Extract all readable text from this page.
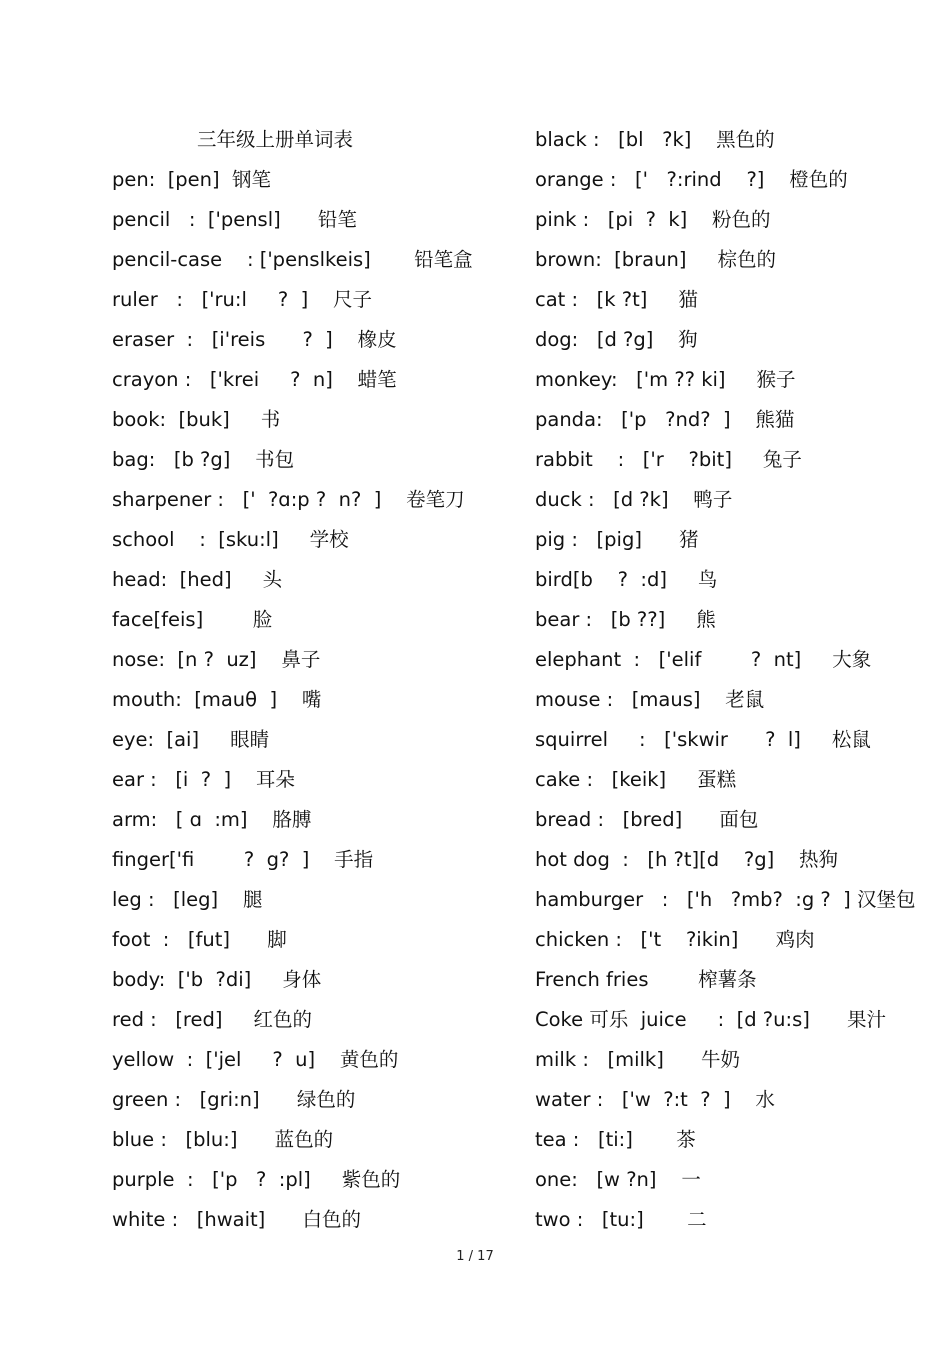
三年级上册单词表
pen:  [pen]  钢笔
pencil   :  ['pensl]      铅笔
pencil-case    : ['penslkeis]       铅笔盒
ruler   :   ['ru:l     ?  ]    尺子
eraser  :   [i'reis      ?  ]    橡皮
crayon :   ['krei     ?  n]    蜡笔
book:  [buk]     书
bag:   [b ?g]    书包
sharpener :   ['  ?ɑ:p ?  n?  ]    卷笔刀
school    :  [sku:l]     学校
head:  [hed]     头
face[feis]        脸
nose:  [n ?  uz]    鼻子
mouth:  [mauθ  ]    嘴
eye:  [ai]     眼睛
ear :   [i  ?  ]    耳朵
arm:   [ ɑ  :m]    胳膊
finger['fi        ?  g?  ]    手指
leg :   [leg]    腿
foot  :   [fut]      脚
body:  ['b  ?di]     身体
red :   [red]     红色的
yellow  :  ['jel     ?  u]    黄色的
green :   [gri:n]      绿色的
blue :   [blu:]      蓝色的
purple  :   ['p   ?  :pl]     紫色的
white :   [hwait]      白色的
black :   [bl   ?k]    黑色的
orange :   ['   ?:rind    ?]    橙色的
pink :   [pi  ?  k]    粉色的
brown:  [braun]     棕色的
cat :   [k ?t]     猫
dog:   [d ?g]    狗
monkey:   ['m ?? ki]     猴子
panda:   ['p   ?nd?  ]    熊猫
rabbit    :   ['r    ?bit]     兔子
duck :   [d ?k]    鸭子
pig :   [pig]      猪
bird[b    ?  :d]     鸟
bear :   [b ??]     熊
elephant  :   ['elif        ?  nt]     大象
mouse :   [maus]    老鼠
squirrel     :   ['skwir      ?  l]     松鼠
cake :   [keik]     蛋糕
bread :   [bred]      面包
hot dog  :   [h ?t][d    ?g]    热狗
hamburger   :   ['h   ?mb?  :g ?  ] 汉堡包
chicken :   ['t    ?ikin]      鸡肉
French fries        榨薯条
Coke 可乐  juice     :  [d ?u:s]      果汁
milk :   [milk]      牛奶
water :   ['w  ?:t  ?  ]    水
tea :   [ti:]       茶
one:   [w ?n]    一
two :   [tu:]       二
1 / 17
